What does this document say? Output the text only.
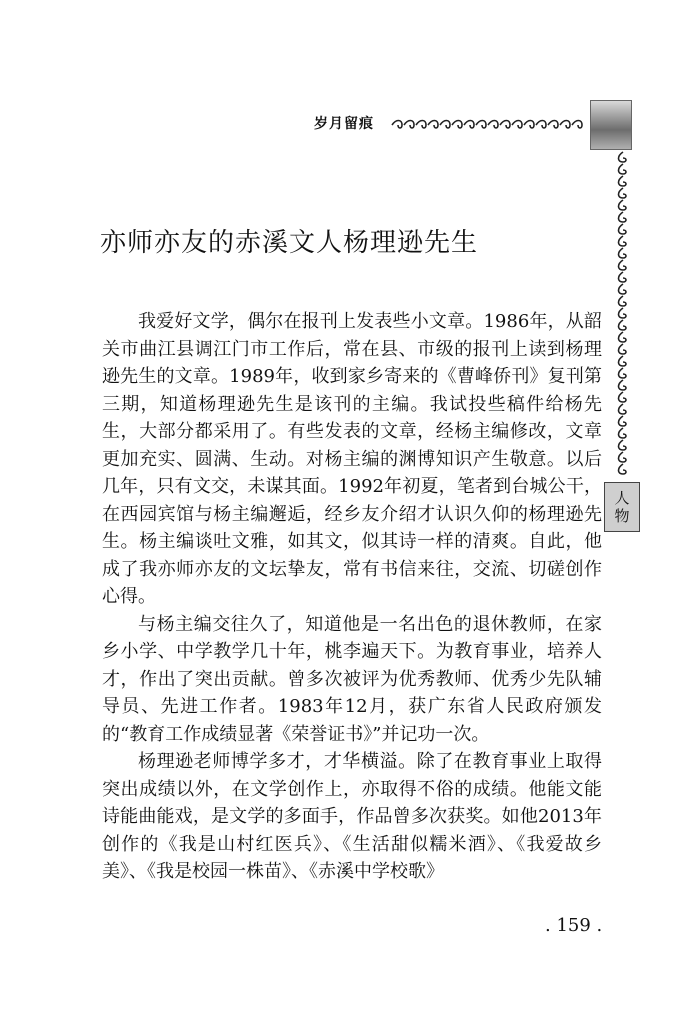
岁月留痕
人
物
亦师亦友的赤溪文人杨理逊先生

我爱好文学，偶尔在报刊上发表些小文章。1986年，从韶关市曲江县调江门市工作后，常在县、市级的报刊上读到杨理逊先生的文章。1989年，收到家乡寄来的《曹峰侨刊》复刊第三期，知道杨理逊先生是该刊的主编。我试投些稿件给杨先生，大部分都采用了。有些发表的文章，经杨主编修改，文章更加充实、圆满、生动。对杨主编的渊博知识产生敬意。以后几年，只有文交，未谋其面。1992年初夏，笔者到台城公干，在西园宾馆与杨主编邂逅，经乡友介绍才认识久仰的杨理逊先生。杨主编谈吐文雅，如其文，似其诗一样的清爽。自此，他成了我亦师亦友的文坛挚友，常有书信来往，交流、切磋创作心得。

与杨主编交往久了，知道他是一名出色的退休教师，在家乡小学、中学教学几十年，桃李遍天下。为教育事业，培养人才，作出了突出贡献。曾多次被评为优秀教师、优秀少先队辅导员、先进工作者。1983年12月，获广东省人民政府颁发的“教育工作成绩显著《荣誉证书》”并记功一次。

杨理逊老师博学多才，才华横溢。除了在教育事业上取得突出成绩以外，在文学创作上，亦取得不俗的成绩。他能文能诗能曲能戏，是文学的多面手，作品曾多次获奖。如他2013年创作的《我是山村红医兵》、《生活甜似糯米酒》、《我爱故乡美》、《我是校园一株苗》、《赤溪中学校歌》

. 159 .
